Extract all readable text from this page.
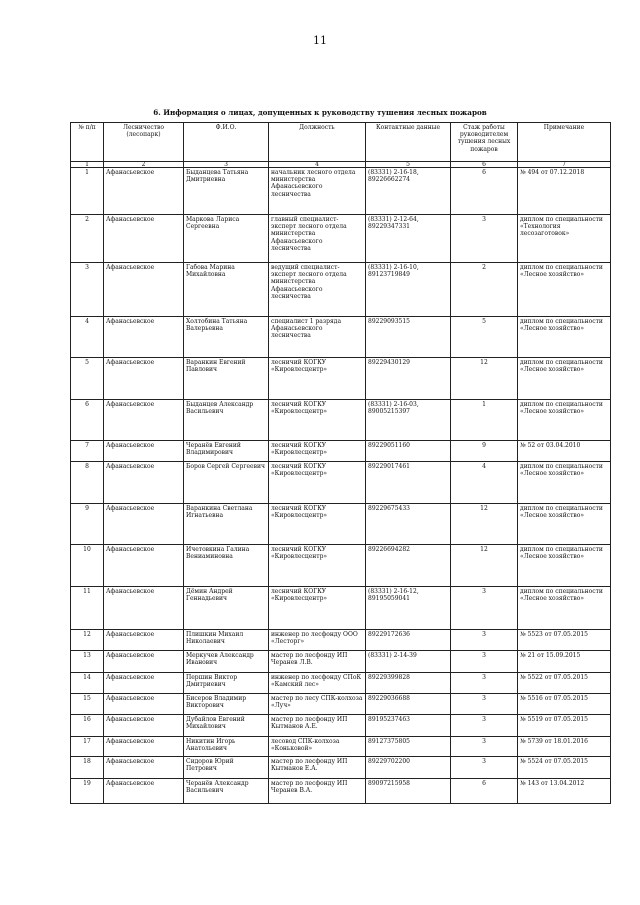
11
6. Информация о лицах, допущенных к руководству тушения лесных пожаров
№ п/п	Лесничество (лесопарк)	Ф.И.О.	Должность	Контактные данные	Стаж работы руководителем тушения лесных пожаров	Примечание
1	2	3	4	5	6	7
1	Афанасьевское	Быданцева Татьяна Дмитриевна	начальник лесного отдела министерства Афанасьевского лесничества	(83331) 2-16-18, 89226662274	6	№ 494 от 07.12.2018
2	Афанасьевское	Маркова Лариса Сергеевна	главный специалист-эксперт лесного отдела министерства Афанасьевского лесничества	(83331) 2-12-64, 89229347331	3	диплом по специальности «Технология лесозаготовок»
3	Афанасьевское	Габова Марина Михайловна	ведущий специалист-эксперт лесного отдела министерства Афанасьевского лесничества	(83331) 2-16-10, 89123719849	2	диплом по специальности «Лесное хозяйство»
4	Афанасьевское	Холтобина Татьяна Валерьевна	специалист 1 разряда Афанасьевского лесничества	89229093515	5	диплом по специальности «Лесное хозяйство»
5	Афанасьевское	Варанкин Евгений Павлович	лесничий КОГКУ «Кировлесцентр»	89229430129	12	диплом по специальности «Лесное хозяйство»
6	Афанасьевское	Быданцев Александр Васильевич	лесничий КОГКУ «Кировлесцентр»	(83331) 2-16-03, 89005215397	1	диплом по специальности «Лесное хозяйство»
7	Афанасьевское	Черанёв Евгений Владимирович	лесничий КОГКУ «Кировлесцентр»	89229051160	9	№ 52 от 03.04.2010
8	Афанасьевское	Боров Сергей Сергеевич	лесничий КОГКУ «Кировлесцентр»	89229017461	4	диплом по специальности «Лесное хозяйство»
9	Афанасьевское	Варанкина Светлана Игнатьевна	лесничий КОГКУ «Кировлесцентр»	89229675433	12	диплом по специальности «Лесное хозяйство»
10	Афанасьевское	Ичетовкина Галина Вениаминовна	лесничий КОГКУ «Кировлесцентр»	89226694282	12	диплом по специальности «Лесное хозяйство»
11	Афанасьевское	Дёмин Андрей Геннадьевич	лесничий КОГКУ «Кировлесцентр»	(83331) 2-16-12, 89195059041	3	диплом по специальности «Лесное хозяйство»
12	Афанасьевское	Плишкин Михаил Николаевич	инженер по лесфонду ООО «Лесторг»	89229172636	3	№ 5523 от 07.05.2015
13	Афанасьевское	Меркучев Александр Иванович	мастер по лесфонду ИП Черанев Л.В.	(83331) 2-14-39	3	№ 21 от 15.09.2015
14	Афанасьевское	Першин Виктор Дмитриевич	инженер по лесфонду СПоК «Камский лес»	89229399828	3	№ 5522 от 07.05.2015
15	Афанасьевское	Бисеров Владимир Викторович	мастер по лесу СПК-колхоза «Луч»	89229036688	3	№ 5516 от 07.05.2015
16	Афанасьевское	Дубайлов Евгений Михайлович	мастер по лесфонду ИП Кытманов А.Е.	89195237463	3	№ 5519 от 07.05.2015
17	Афанасьевское	Никитин Игорь Анатольевич	лесовод СПК-колхоза «Коньковой»	89127375805	3	№ 5739 от 18.01.2016
18	Афанасьевское	Сидоров Юрий Петрович	мастер по лесфонду ИП Кытманов Е.А.	89229702200	3	№ 5524 от 07.05.2015
19	Афанасьевское	Черанёв Александр Васильевич	мастер по лесфонду ИП Черанев В.А.	89097215958	6	№ 143 от 13.04.2012
